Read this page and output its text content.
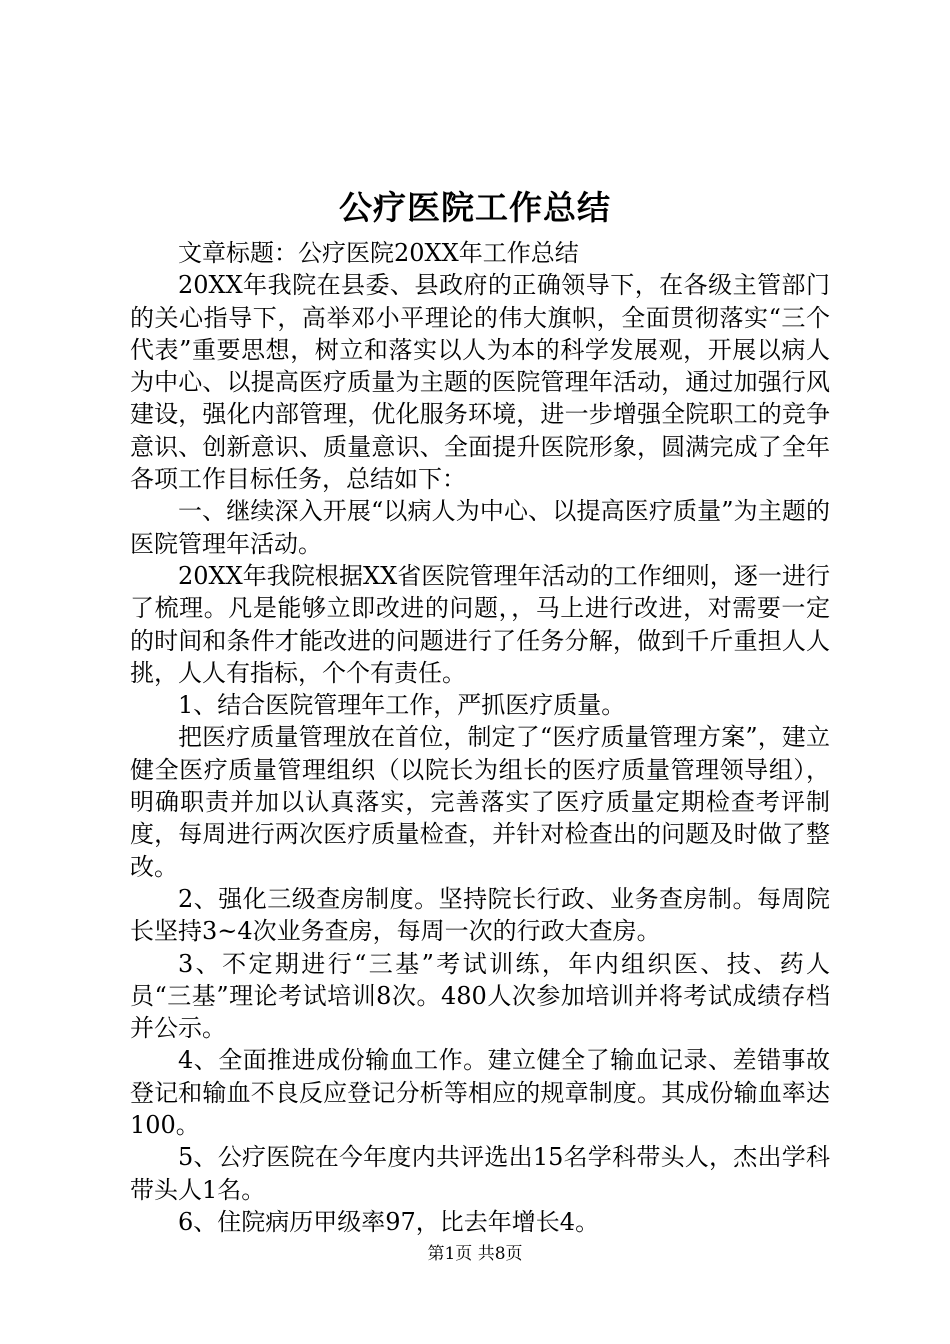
公疗医院工作总结

文章标题：公疗医院20XX年工作总结

20XX年我院在县委、县政府的正确领导下，在各级主管部门的关心指导下，高举邓小平理论的伟大旗帜，全面贯彻落实“三个代表”重要思想，树立和落实以人为本的科学发展观，开展以病人为中心、以提高医疗质量为主题的医院管理年活动，通过加强行风建设，强化内部管理，优化服务环境，进一步增强全院职工的竞争意识、创新意识、质量意识、全面提升医院形象，圆满完成了全年各项工作目标任务，总结如下：

一、继续深入开展“以病人为中心、以提高医疗质量”为主题的医院管理年活动。

20XX年我院根据XX省医院管理年活动的工作细则，逐一进行了梳理。凡是能够立即改进的问题，，马上进行改进，对需要一定的时间和条件才能改进的问题进行了任务分解，做到千斤重担人人挑，人人有指标，个个有责任。

1、结合医院管理年工作，严抓医疗质量。

把医疗质量管理放在首位，制定了“医疗质量管理方案”，建立健全医疗质量管理组织（以院长为组长的医疗质量管理领导组），明确职责并加以认真落实，完善落实了医疗质量定期检查考评制度，每周进行两次医疗质量检查，并针对检查出的问题及时做了整改。

2、强化三级查房制度。坚持院长行政、业务查房制。每周院长坚持3~4次业务查房，每周一次的行政大查房。

3、不定期进行“三基”考试训练，年内组织医、技、药人员“三基”理论考试培训8次。480人次参加培训并将考试成绩存档并公示。

4、全面推进成份输血工作。建立健全了输血记录、差错事故登记和输血不良反应登记分析等相应的规章制度。其成份输血率达100。

5、公疗医院在今年度内共评选出15名学科带头人，杰出学科带头人1名。

6、住院病历甲级率97，比去年增长4。

第1页 共8页
